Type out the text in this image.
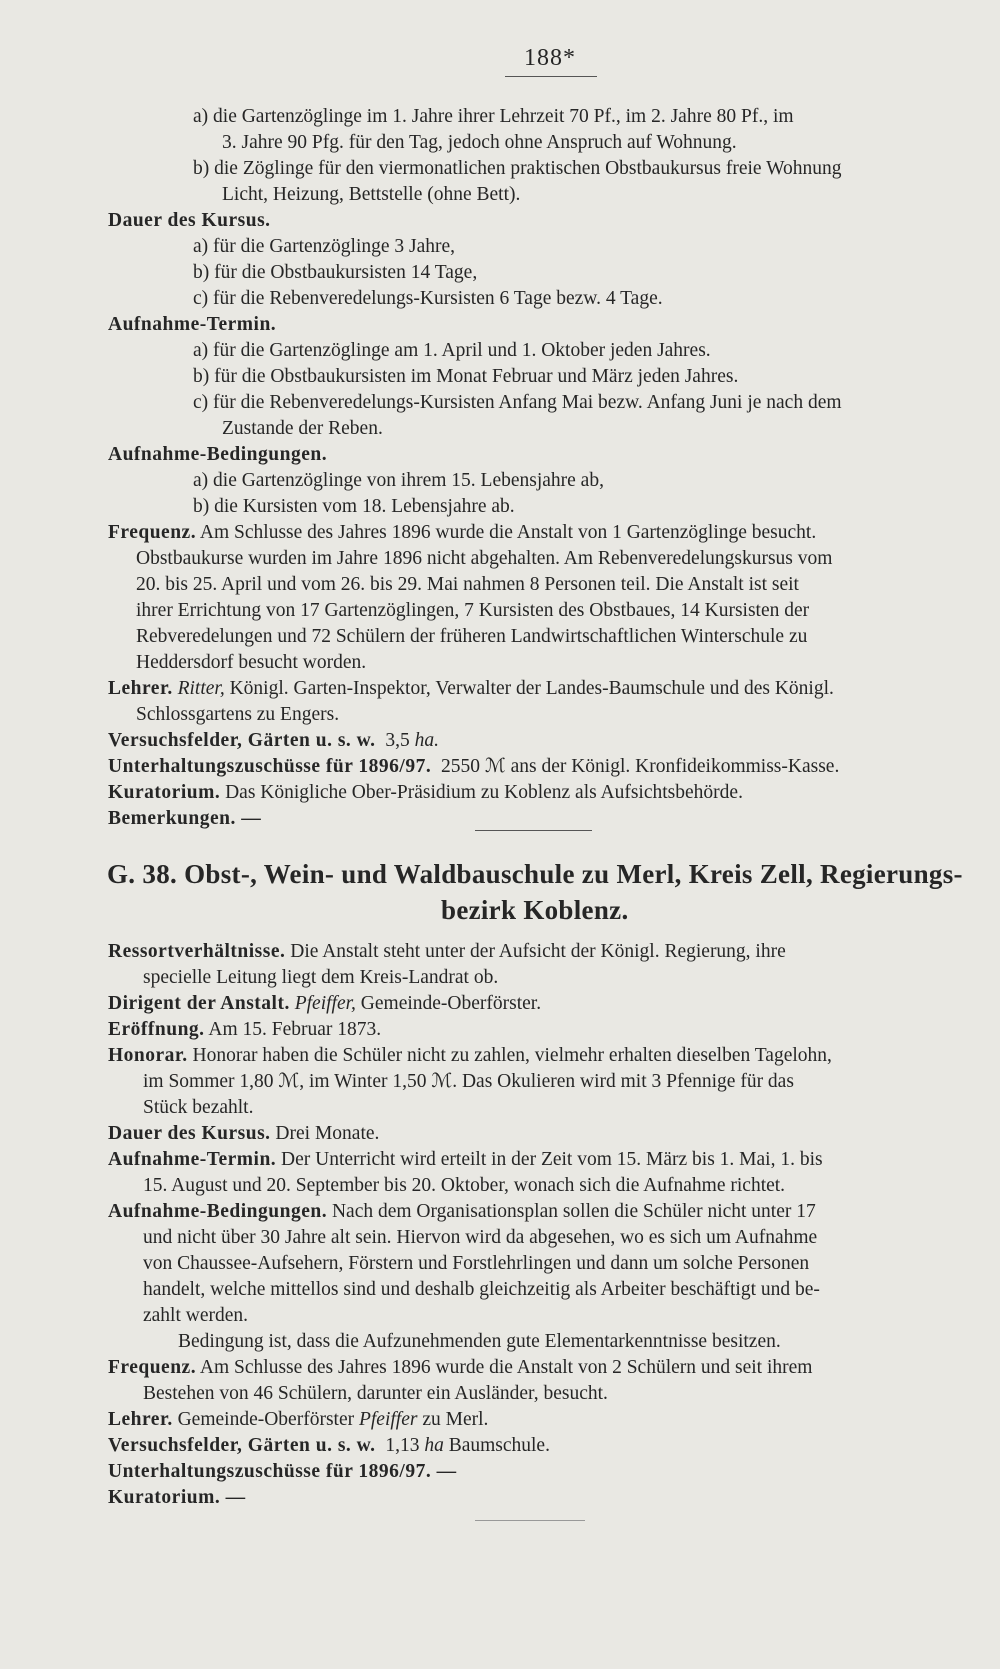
188*
a) die Gartenzöglinge im 1. Jahre ihrer Lehrzeit 70 Pf., im 2. Jahre 80 Pf., im
3. Jahre 90 Pfg. für den Tag, jedoch ohne Anspruch auf Wohnung.
b) die Zöglinge für den viermonatlichen praktischen Obstbaukursus freie Wohnung
Licht, Heizung, Bettstelle (ohne Bett).
Dauer des Kursus.
a) für die Gartenzöglinge 3 Jahre,
b) für die Obstbaukursisten 14 Tage,
c) für die Rebenveredelungs-Kursisten 6 Tage bezw. 4 Tage.
Aufnahme-Termin.
a) für die Gartenzöglinge am 1. April und 1. Oktober jeden Jahres.
b) für die Obstbaukursisten im Monat Februar und März jeden Jahres.
c) für die Rebenveredelungs-Kursisten Anfang Mai bezw. Anfang Juni je nach dem
Zustande der Reben.
Aufnahme-Bedingungen.
a) die Gartenzöglinge von ihrem 15. Lebensjahre ab,
b) die Kursisten vom 18. Lebensjahre ab.
Frequenz. Am Schlusse des Jahres 1896 wurde die Anstalt von 1 Gartenzöglinge besucht.
Obstbaukurse wurden im Jahre 1896 nicht abgehalten. Am Rebenveredelungskursus vom
20. bis 25. April und vom 26. bis 29. Mai nahmen 8 Personen teil. Die Anstalt ist seit
ihrer Errichtung von 17 Gartenzöglingen, 7 Kursisten des Obstbaues, 14 Kursisten der
Rebveredelungen und 72 Schülern der früheren Landwirtschaftlichen Winterschule zu
Heddersdorf besucht worden.
Lehrer. Ritter, Königl. Garten-Inspektor, Verwalter der Landes-Baumschule und des Königl.
Schlossgartens zu Engers.
Versuchsfelder, Gärten u. s. w. 3,5 ha.
Unterhaltungszuschüsse für 1896/97. 2550 ℳ ans der Königl. Kronfideikommiss-Kasse.
Kuratorium. Das Königliche Ober-Präsidium zu Koblenz als Aufsichtsbehörde.
Bemerkungen. —
G. 38. Obst-, Wein- und Waldbauschule zu Merl, Kreis Zell, Regierungs-
bezirk Koblenz.
Ressortverhältnisse. Die Anstalt steht unter der Aufsicht der Königl. Regierung, ihre
specielle Leitung liegt dem Kreis-Landrat ob.
Dirigent der Anstalt. Pfeiffer, Gemeinde-Oberförster.
Eröffnung. Am 15. Februar 1873.
Honorar. Honorar haben die Schüler nicht zu zahlen, vielmehr erhalten dieselben Tagelohn,
im Sommer 1,80 ℳ, im Winter 1,50 ℳ. Das Okulieren wird mit 3 Pfennige für das
Stück bezahlt.
Dauer des Kursus. Drei Monate.
Aufnahme-Termin. Der Unterricht wird erteilt in der Zeit vom 15. März bis 1. Mai, 1. bis
15. August und 20. September bis 20. Oktober, wonach sich die Aufnahme richtet.
Aufnahme-Bedingungen. Nach dem Organisationsplan sollen die Schüler nicht unter 17
und nicht über 30 Jahre alt sein. Hiervon wird da abgesehen, wo es sich um Aufnahme
von Chaussee-Aufsehern, Förstern und Forstlehrlingen und dann um solche Personen
handelt, welche mittellos sind und deshalb gleichzeitig als Arbeiter beschäftigt und be-
zahlt werden.
Bedingung ist, dass die Aufzunehmenden gute Elementarkenntnisse besitzen.
Frequenz. Am Schlusse des Jahres 1896 wurde die Anstalt von 2 Schülern und seit ihrem
Bestehen von 46 Schülern, darunter ein Ausländer, besucht.
Lehrer. Gemeinde-Oberförster Pfeiffer zu Merl.
Versuchsfelder, Gärten u. s. w. 1,13 ha Baumschule.
Unterhaltungszuschüsse für 1896/97. —
Kuratorium. —
